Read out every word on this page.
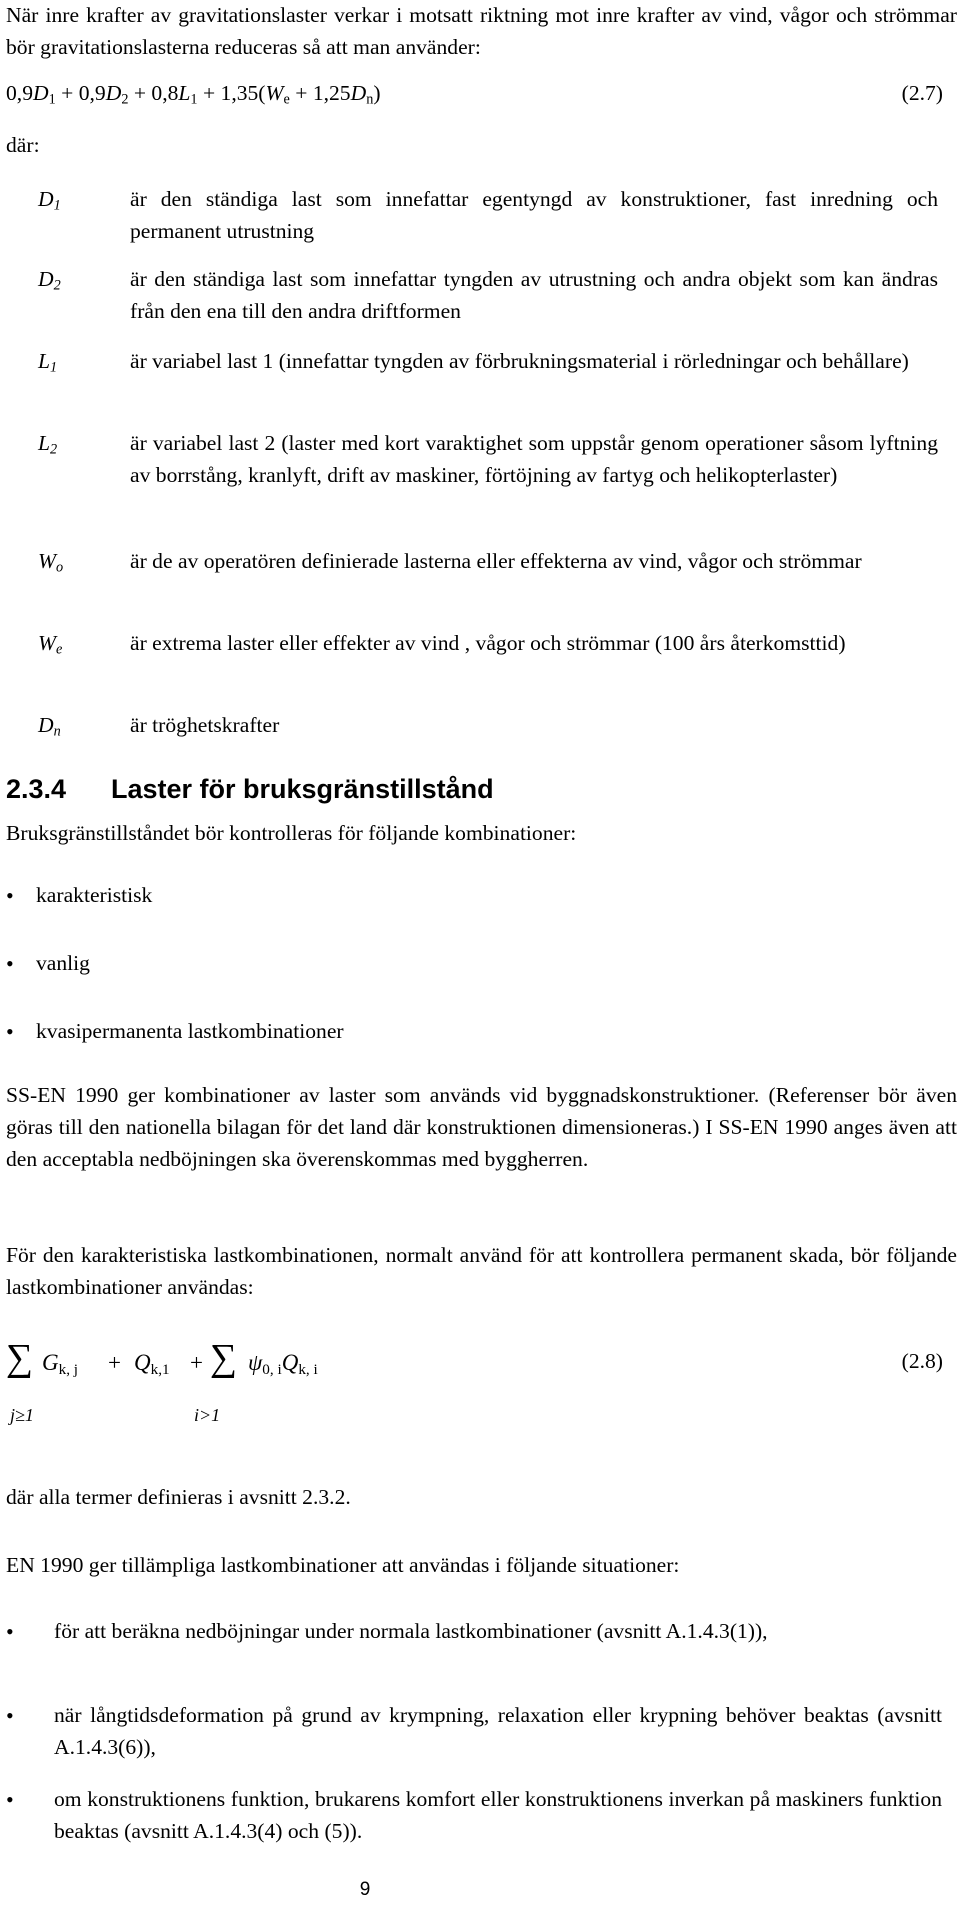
När inre krafter av gravitationslaster verkar i motsatt riktning mot inre krafter av vind, vågor och strömmar bör gravitationslasterna reduceras så att man använder:
$0,9D_1 + 0,9D_2 + 0,8L_1 + 1,35(W_e + 1,25D_n)$	(2.7)
där:
$D_1$	är den ständiga last som innefattar egentyngd av konstruktioner, fast inredning och permanent utrustning
$D_2$	är den ständiga last som innefattar tyngden av utrustning och andra objekt som kan ändras från den ena till den andra driftformen
$L_1$	är variabel last 1 (innefattar tyngden av förbrukningsmaterial i rörledningar och behållare)
$L_2$	är variabel last 2 (laster med kort varaktighet som uppstår genom operationer såsom lyftning av borrstång, kranlyft, drift av maskiner, förtöjning av fartyg och helikopterlaster)
$W_o$	är de av operatören definierade lasterna eller effekterna av vind, vågor och strömmar
$W_e$	är extrema laster eller effekter av vind , vågor och strömmar (100 års återkomsttid)
$D_n$	är tröghetskrafter
2.3.4 Laster för bruksgränstillstånd
Bruksgränstillståndet bör kontrolleras för följande kombinationer:
• karakteristisk
• vanlig
• kvasipermanenta lastkombinationer
SS-EN 1990 ger kombinationer av laster som används vid byggnadskonstruktioner. (Referenser bör även göras till den nationella bilagan för det land där konstruktionen dimensioneras.) I SS-EN 1990 anges även att den acceptabla nedböjningen ska överenskommas med byggherren.
För den karakteristiska lastkombinationen, normalt använd för att kontrollera permanent skada, bör följande lastkombinationer användas:
∑ $G_{k, j} + Q_{k,1}$ + ∑ $\psi_{0, i}Q_{k, i}$
j≥1	i>1
(2.8)
där alla termer definieras i avsnitt 2.3.2.
EN 1990 ger tillämpliga lastkombinationer att användas i följande situationer:
• för att beräkna nedböjningar under normala lastkombinationer (avsnitt A.1.4.3(1)),
• när långtidsdeformation på grund av krympning, relaxation eller krypning behöver beaktas (avsnitt A.1.4.3(6)),
• om konstruktionens funktion, brukarens komfort eller konstruktionens inverkan på maskiners funktion beaktas (avsnitt A.1.4.3(4) och (5)).
9
